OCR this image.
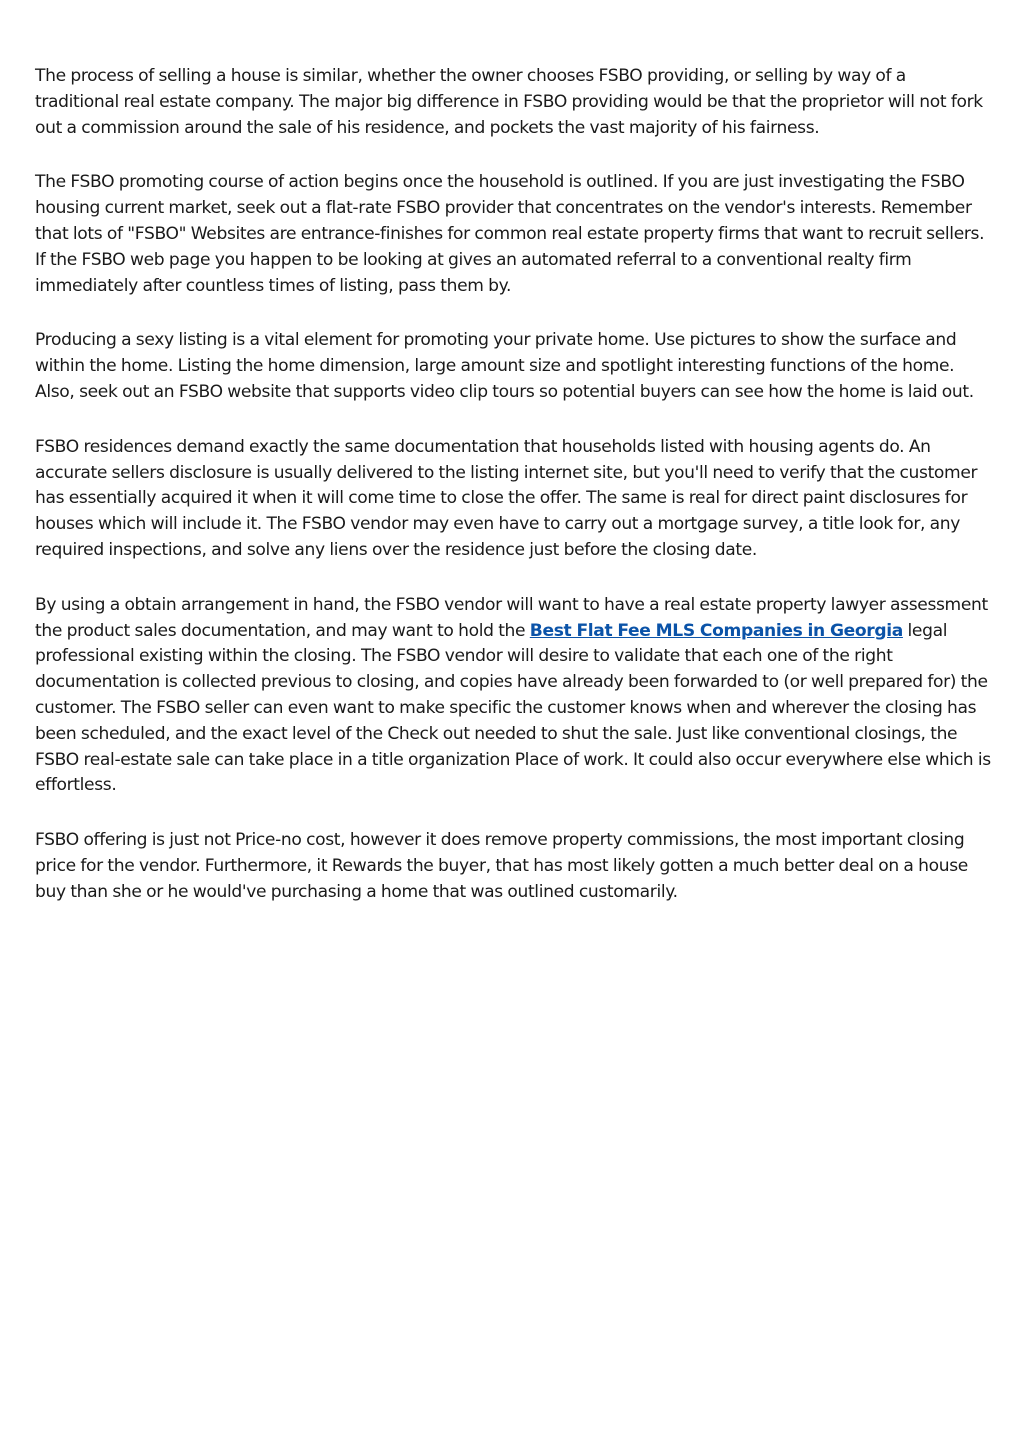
The process of selling a house is similar, whether the owner chooses FSBO providing, or selling by way of a traditional real estate company. The major big difference in FSBO providing would be that the proprietor will not fork out a commission around the sale of his residence, and pockets the vast majority of his fairness.

The FSBO promoting course of action begins once the household is outlined. If you are just investigating the FSBO housing current market, seek out a flat-rate FSBO provider that concentrates on the vendor's interests. Remember that lots of "FSBO" Websites are entrance-finishes for common real estate property firms that want to recruit sellers. If the FSBO web page you happen to be looking at gives an automated referral to a conventional realty firm immediately after countless times of listing, pass them by.

Producing a sexy listing is a vital element for promoting your private home. Use pictures to show the surface and within the home. Listing the home dimension, large amount size and spotlight interesting functions of the home. Also, seek out an FSBO website that supports video clip tours so potential buyers can see how the home is laid out.

FSBO residences demand exactly the same documentation that households listed with housing agents do. An accurate sellers disclosure is usually delivered to the listing internet site, but you'll need to verify that the customer has essentially acquired it when it will come time to close the offer. The same is real for direct paint disclosures for houses which will include it. The FSBO vendor may even have to carry out a mortgage survey, a title look for, any required inspections, and solve any liens over the residence just before the closing date.

By using a obtain arrangement in hand, the FSBO vendor will want to have a real estate property lawyer assessment the product sales documentation, and may want to hold the Best Flat Fee MLS Companies in Georgia legal professional existing within the closing. The FSBO vendor will desire to validate that each one of the right documentation is collected previous to closing, and copies have already been forwarded to (or well prepared for) the customer. The FSBO seller can even want to make specific the customer knows when and wherever the closing has been scheduled, and the exact level of the Check out needed to shut the sale. Just like conventional closings, the FSBO real-estate sale can take place in a title organization Place of work. It could also occur everywhere else which is effortless.

FSBO offering is just not Price-no cost, however it does remove property commissions, the most important closing price for the vendor. Furthermore, it Rewards the buyer, that has most likely gotten a much better deal on a house buy than she or he would've purchasing a home that was outlined customarily.
